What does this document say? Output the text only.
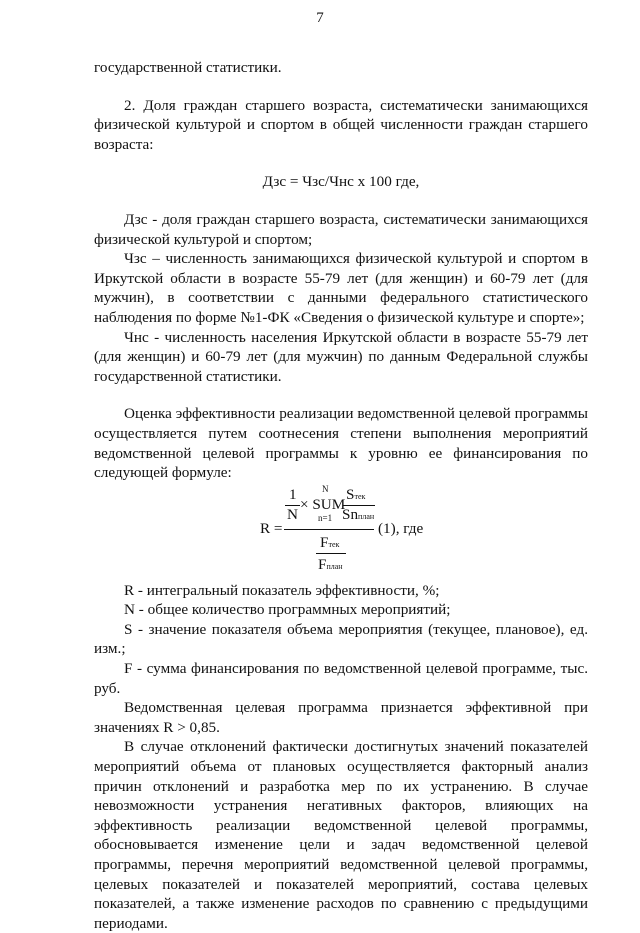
7

государственной статистики.

2. Доля граждан старшего возраста, систематически занимающихся физической культурой и спортом в общей численности граждан старшего возраста:

Дзс = Чзс/Чнс х 100 где,

Дзс - доля граждан старшего возраста, систематически занимающихся физической культурой и спортом;

Чзс – численность занимающихся физической культурой и спортом в Иркутской области в возрасте 55-79 лет (для женщин) и 60-79 лет (для мужчин), в соответствии с данными федерального статистического наблюдения по форме №1-ФК «Сведения о физической культуре и спорте»;

Чнс - численность населения Иркутской области в возрасте 55-79 лет (для женщин) и 60-79 лет (для мужчин) по данным Федеральной службы государственной статистики.

Оценка эффективности реализации ведомственной целевой программы осуществляется путем соотнесения степени выполнения мероприятий ведомственной целевой программы к уровню ее финансирования по следующей формуле:

R =
1
N
× SUM
N
n=1
Sтек
Snплан
(1), где
Fтек
Fплан

R - интегральный показатель эффективности, %;

N - общее количество программных мероприятий;

S - значение показателя объема мероприятия (текущее, плановое), ед. изм.;

F - сумма финансирования по ведомственной целевой программе, тыс. руб.

Ведомственная целевая программа признается эффективной при значениях R > 0,85.

В случае отклонений фактически достигнутых значений показателей мероприятий объема от плановых осуществляется факторный анализ причин отклонений и разработка мер по их устранению. В случае невозможности устранения негативных факторов, влияющих на эффективность реализации ведомственной целевой программы, обосновывается изменение цели и задач ведомственной целевой программы, перечня мероприятий ведомственной целевой программы, целевых показателей и показателей мероприятий, состава целевых показателей, а также изменение расходов по сравнению с предыдущими периодами.
